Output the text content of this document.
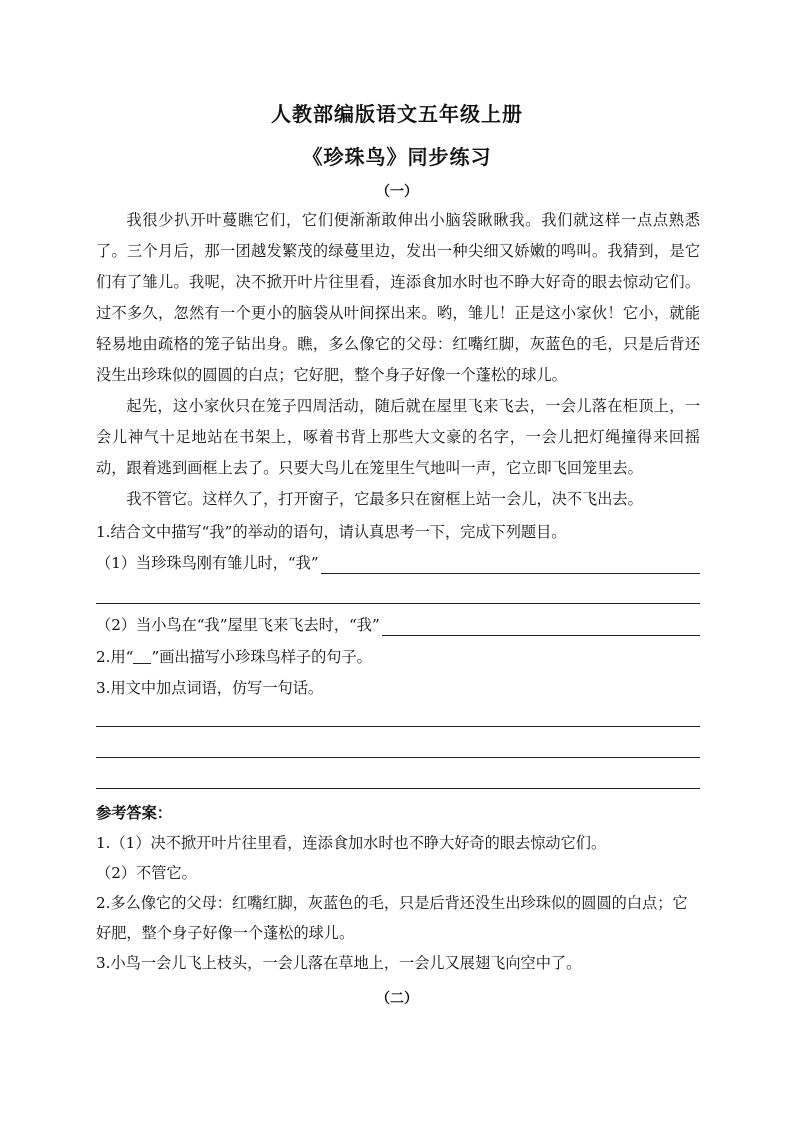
人教部编版语文五年级上册
《珍珠鸟》同步练习
（一）

我很少扒开叶蔓瞧它们，它们便渐渐敢伸出小脑袋瞅瞅我。我们就这样一点点熟悉了。三个月后，那一团越发繁茂的绿蔓里边，发出一种尖细又娇嫩的鸣叫。我猜到，是它们有了雏儿。我呢，决不掀开叶片往里看，连添食加水时也不睁大好奇的眼去惊动它们。过不多久，忽然有一个更小的脑袋从叶间探出来。哟，雏儿！正是这小家伙！它小，就能轻易地由疏格的笼子钻出身。瞧，多么像它的父母：红嘴红脚，灰蓝色的毛，只是后背还没生出珍珠似的圆圆的白点；它好肥，整个身子好像一个蓬松的球儿。

起先，这小家伙只在笼子四周活动，随后就在屋里飞来飞去，一会儿落在柜顶上，一会儿神气十足地站在书架上，啄着书背上那些大文豪的名字，一会儿把灯绳撞得来回摇动，跟着逃到画框上去了。只要大鸟儿在笼里生气地叫一声，它立即飞回笼里去。

我不管它。这样久了，打开窗子，它最多只在窗框上站一会儿，决不飞出去。

1.结合文中描写“我”的举动的语句，请认真思考一下，完成下列题目。
（1）当珍珠鸟刚有雏儿时，“我”
（2）当小鸟在“我”屋里飞来飞去时，“我”
2.用“ ”画出描写小珍珠鸟样子的句子。
3.用文中加点词语，仿写一句话。

参考答案：

1.（1）决不掀开叶片往里看，连添食加水时也不睁大好奇的眼去惊动它们。

（2）不管它。

2.多么像它的父母：红嘴红脚，灰蓝色的毛，只是后背还没生出珍珠似的圆圆的白点；它好肥，整个身子好像一个蓬松的球儿。

3.小鸟一会儿飞上枝头，一会儿落在草地上，一会儿又展翅飞向空中了。

（二）
